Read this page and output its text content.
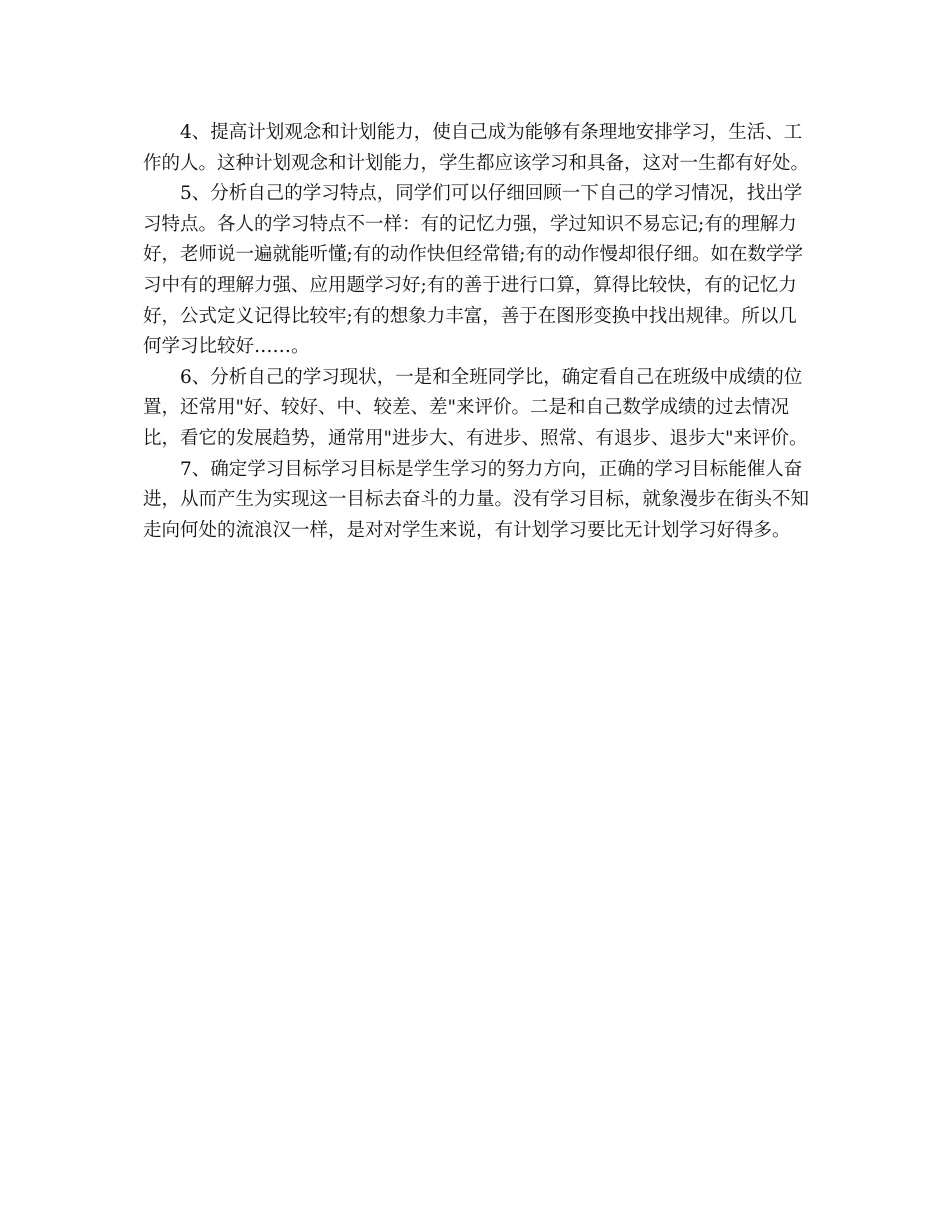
4、提高计划观念和计划能力，使自己成为能够有条理地安排学习，生活、工作的人。这种计划观念和计划能力，学生都应该学习和具备，这对一生都有好处。

5、分析自己的学习特点，同学们可以仔细回顾一下自己的学习情况，找出学习特点。各人的学习特点不一样：有的记忆力强，学过知识不易忘记;有的理解力好，老师说一遍就能听懂;有的动作快但经常错;有的动作慢却很仔细。如在数学学习中有的理解力强、应用题学习好;有的善于进行口算，算得比较快，有的记忆力好，公式定义记得比较牢;有的想象力丰富，善于在图形变换中找出规律。所以几何学习比较好……。

6、分析自己的学习现状，一是和全班同学比，确定看自己在班级中成绩的位置，还常用"好、较好、中、较差、差"来评价。二是和自己数学成绩的过去情况比，看它的发展趋势，通常用"进步大、有进步、照常、有退步、退步大"来评价。

7、确定学习目标学习目标是学生学习的努力方向，正确的学习目标能催人奋进，从而产生为实现这一目标去奋斗的力量。没有学习目标，就象漫步在街头不知走向何处的流浪汉一样，是对对学生来说，有计划学习要比无计划学习好得多。
